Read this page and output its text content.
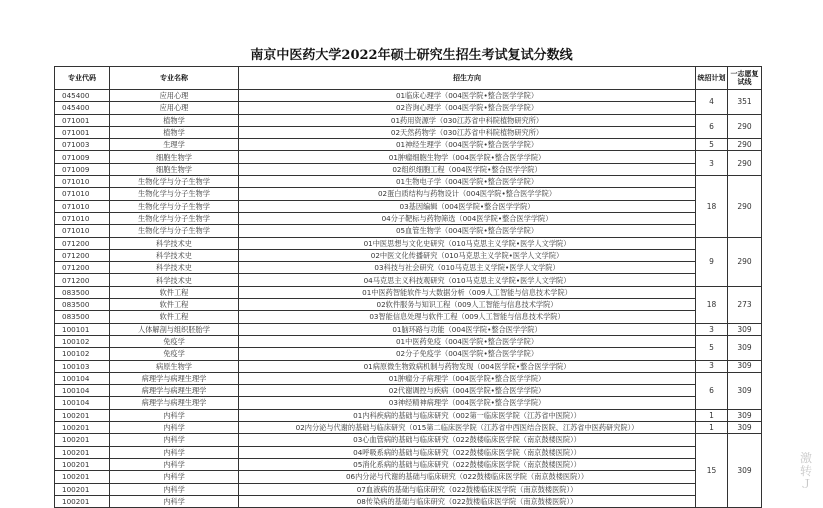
南京中医药大学2022年硕士研究生招生考试复试分数线
专业代码	专业名称	招生方向	统招计划	一志愿复试线
045400	应用心理	01临床心理学（004医学院•整合医学学院）	4	351
045400	应用心理	02咨询心理学（004医学院•整合医学学院）		
071001	植物学	01药用资源学（030江苏省中科院植物研究所）	6	290
071001	植物学	02天然药物学（030江苏省中科院植物研究所）		
071003	生理学	01神经生理学（004医学院•整合医学学院）	5	290
071009	细胞生物学	01肿瘤细胞生物学（004医学院•整合医学学院）	3	290
071009	细胞生物学	02组织细胞工程（004医学院•整合医学学院）		
071010	生物化学与分子生物学	01生物电子学（004医学院•整合医学学院）	18	290
071010	生物化学与分子生物学	02蛋白质结构与药物设计（004医学院•整合医学学院）		
071010	生物化学与分子生物学	03基因编辑（004医学院•整合医学学院）		
071010	生物化学与分子生物学	04分子靶标与药物筛选（004医学院•整合医学学院）		
071010	生物化学与分子生物学	05血管生物学（004医学院•整合医学学院）		
071200	科学技术史	01中医思想与文化史研究（010马克思主义学院•医学人文学院）	9	290
071200	科学技术史	02中医文化传播研究（010马克思主义学院•医学人文学院）		
071200	科学技术史	03科技与社会研究（010马克思主义学院•医学人文学院）		
071200	科学技术史	04马克思主义科技观研究（010马克思主义学院•医学人文学院）		
083500	软件工程	01中医药智能软件与大数据分析（009人工智能与信息技术学院）	18	273
083500	软件工程	02软件服务与知识工程（009人工智能与信息技术学院）		
083500	软件工程	03智能信息处理与软件工程（009人工智能与信息技术学院）		
100101	人体解剖与组织胚胎学	01脑环路与功能（004医学院•整合医学学院）	3	309
100102	免疫学	01中医药免疫（004医学院•整合医学学院）	5	309
100102	免疫学	02分子免疫学（004医学院•整合医学学院）		
100103	病原生物学	01病原微生物致病机制与药物发现（004医学院•整合医学学院）	3	309
100104	病理学与病理生理学	01肿瘤分子病理学（004医学院•整合医学学院）	6	309
100104	病理学与病理生理学	02代谢调控与疾病（004医学院•整合医学学院）		
100104	病理学与病理生理学	03神经精神病理学（004医学院•整合医学学院）		
100201	内科学	01内科疾病的基础与临床研究（002第一临床医学院（江苏省中医院））	1	309
100201	内科学	02内分泌与代谢的基础与临床研究（015第二临床医学院（江苏省中西医结合医院、江苏省中医药研究院））	1	309
100201	内科学	03心血管病的基础与临床研究（022鼓楼临床医学院（南京鼓楼医院））	15	309
100201	内科学	04呼吸系病的基础与临床研究（022鼓楼临床医学院（南京鼓楼医院））		
100201	内科学	05消化系病的基础与临床研究（022鼓楼临床医学院（南京鼓楼医院））		
100201	内科学	06内分泌与代谢的基础与临床研究（022鼓楼临床医学院（南京鼓楼医院））		
100201	内科学	07血液病的基础与临床研究（022鼓楼临床医学院（南京鼓楼医院））		
100201	内科学	08传染病的基础与临床研究（022鼓楼临床医学院（南京鼓楼医院））		
激
转Ｊ
